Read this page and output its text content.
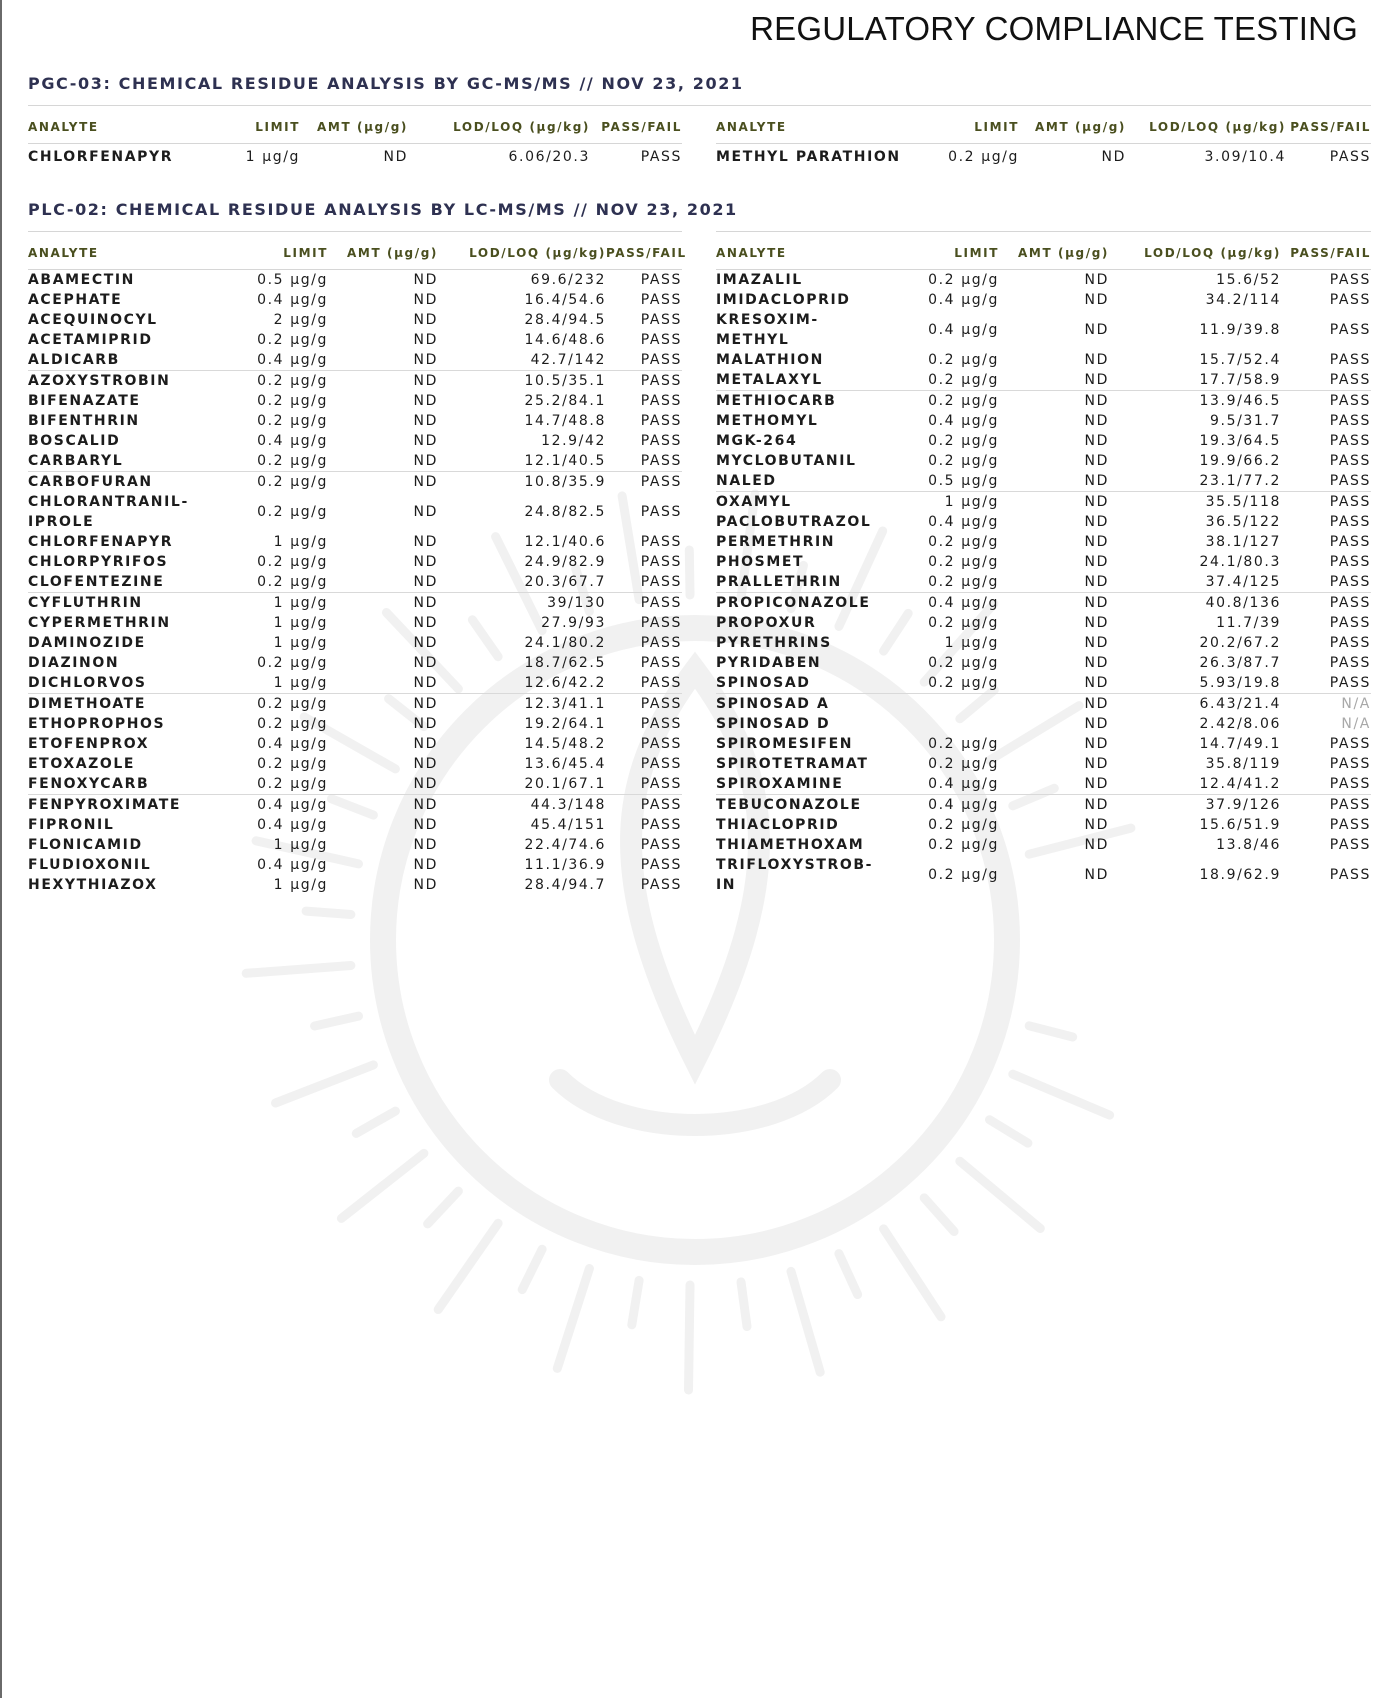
REGULATORY COMPLIANCE TESTING
PGC-03: CHEMICAL RESIDUE ANALYSIS BY GC-MS/MS // NOV 23, 2021
ANALYTE	LIMIT	AMT (μg/g)	LOD/LOQ (μg/kg)	PASS/FAIL
CHLORFENAPYR	1 μg/g	ND	6.06/20.3	PASS
ANALYTE	LIMIT	AMT (μg/g)	LOD/LOQ (μg/kg)	PASS/FAIL
METHYL PARATHION	0.2 μg/g	ND	3.09/10.4	PASS
PLC-02: CHEMICAL RESIDUE ANALYSIS BY LC-MS/MS // NOV 23, 2021
ANALYTE	LIMIT	AMT (μg/g)	LOD/LOQ (μg/kg)	PASS/FAIL
ABAMECTIN	0.5 μg/g	ND	69.6/232	PASS
ACEPHATE	0.4 μg/g	ND	16.4/54.6	PASS
ACEQUINOCYL	2 μg/g	ND	28.4/94.5	PASS
ACETAMIPRID	0.2 μg/g	ND	14.6/48.6	PASS
ALDICARB	0.4 μg/g	ND	42.7/142	PASS
AZOXYSTROBIN	0.2 μg/g	ND	10.5/35.1	PASS
BIFENAZATE	0.2 μg/g	ND	25.2/84.1	PASS
BIFENTHRIN	0.2 μg/g	ND	14.7/48.8	PASS
BOSCALID	0.4 μg/g	ND	12.9/42	PASS
CARBARYL	0.2 μg/g	ND	12.1/40.5	PASS
CARBOFURAN	0.2 μg/g	ND	10.8/35.9	PASS
CHLORANTRANIL-IPROLE	0.2 μg/g	ND	24.8/82.5	PASS
CHLORFENAPYR	1 μg/g	ND	12.1/40.6	PASS
CHLORPYRIFOS	0.2 μg/g	ND	24.9/82.9	PASS
CLOFENTEZINE	0.2 μg/g	ND	20.3/67.7	PASS
CYFLUTHRIN	1 μg/g	ND	39/130	PASS
CYPERMETHRIN	1 μg/g	ND	27.9/93	PASS
DAMINOZIDE	1 μg/g	ND	24.1/80.2	PASS
DIAZINON	0.2 μg/g	ND	18.7/62.5	PASS
DICHLORVOS	1 μg/g	ND	12.6/42.2	PASS
DIMETHOATE	0.2 μg/g	ND	12.3/41.1	PASS
ETHOPROPHOS	0.2 μg/g	ND	19.2/64.1	PASS
ETOFENPROX	0.4 μg/g	ND	14.5/48.2	PASS
ETOXAZOLE	0.2 μg/g	ND	13.6/45.4	PASS
FENOXYCARB	0.2 μg/g	ND	20.1/67.1	PASS
FENPYROXIMATE	0.4 μg/g	ND	44.3/148	PASS
FIPRONIL	0.4 μg/g	ND	45.4/151	PASS
FLONICAMID	1 μg/g	ND	22.4/74.6	PASS
FLUDIOXONIL	0.4 μg/g	ND	11.1/36.9	PASS
HEXYTHIAZOX	1 μg/g	ND	28.4/94.7	PASS
ANALYTE	LIMIT	AMT (μg/g)	LOD/LOQ (μg/kg)	PASS/FAIL
IMAZALIL	0.2 μg/g	ND	15.6/52	PASS
IMIDACLOPRID	0.4 μg/g	ND	34.2/114	PASS
KRESOXIM-METHYL	0.4 μg/g	ND	11.9/39.8	PASS
MALATHION	0.2 μg/g	ND	15.7/52.4	PASS
METALAXYL	0.2 μg/g	ND	17.7/58.9	PASS
METHIOCARB	0.2 μg/g	ND	13.9/46.5	PASS
METHOMYL	0.4 μg/g	ND	9.5/31.7	PASS
MGK-264	0.2 μg/g	ND	19.3/64.5	PASS
MYCLOBUTANIL	0.2 μg/g	ND	19.9/66.2	PASS
NALED	0.5 μg/g	ND	23.1/77.2	PASS
OXAMYL	1 μg/g	ND	35.5/118	PASS
PACLOBUTRAZOL	0.4 μg/g	ND	36.5/122	PASS
PERMETHRIN	0.2 μg/g	ND	38.1/127	PASS
PHOSMET	0.2 μg/g	ND	24.1/80.3	PASS
PRALLETHRIN	0.2 μg/g	ND	37.4/125	PASS
PROPICONAZOLE	0.4 μg/g	ND	40.8/136	PASS
PROPOXUR	0.2 μg/g	ND	11.7/39	PASS
PYRETHRINS	1 μg/g	ND	20.2/67.2	PASS
PYRIDABEN	0.2 μg/g	ND	26.3/87.7	PASS
SPINOSAD	0.2 μg/g	ND	5.93/19.8	PASS
SPINOSAD A		ND	6.43/21.4	N/A
SPINOSAD D		ND	2.42/8.06	N/A
SPIROMESIFEN	0.2 μg/g	ND	14.7/49.1	PASS
SPIROTETRAMAT	0.2 μg/g	ND	35.8/119	PASS
SPIROXAMINE	0.4 μg/g	ND	12.4/41.2	PASS
TEBUCONAZOLE	0.4 μg/g	ND	37.9/126	PASS
THIACLOPRID	0.2 μg/g	ND	15.6/51.9	PASS
THIAMETHOXAM	0.2 μg/g	ND	13.8/46	PASS
TRIFLOXYSTROB-IN	0.2 μg/g	ND	18.9/62.9	PASS
